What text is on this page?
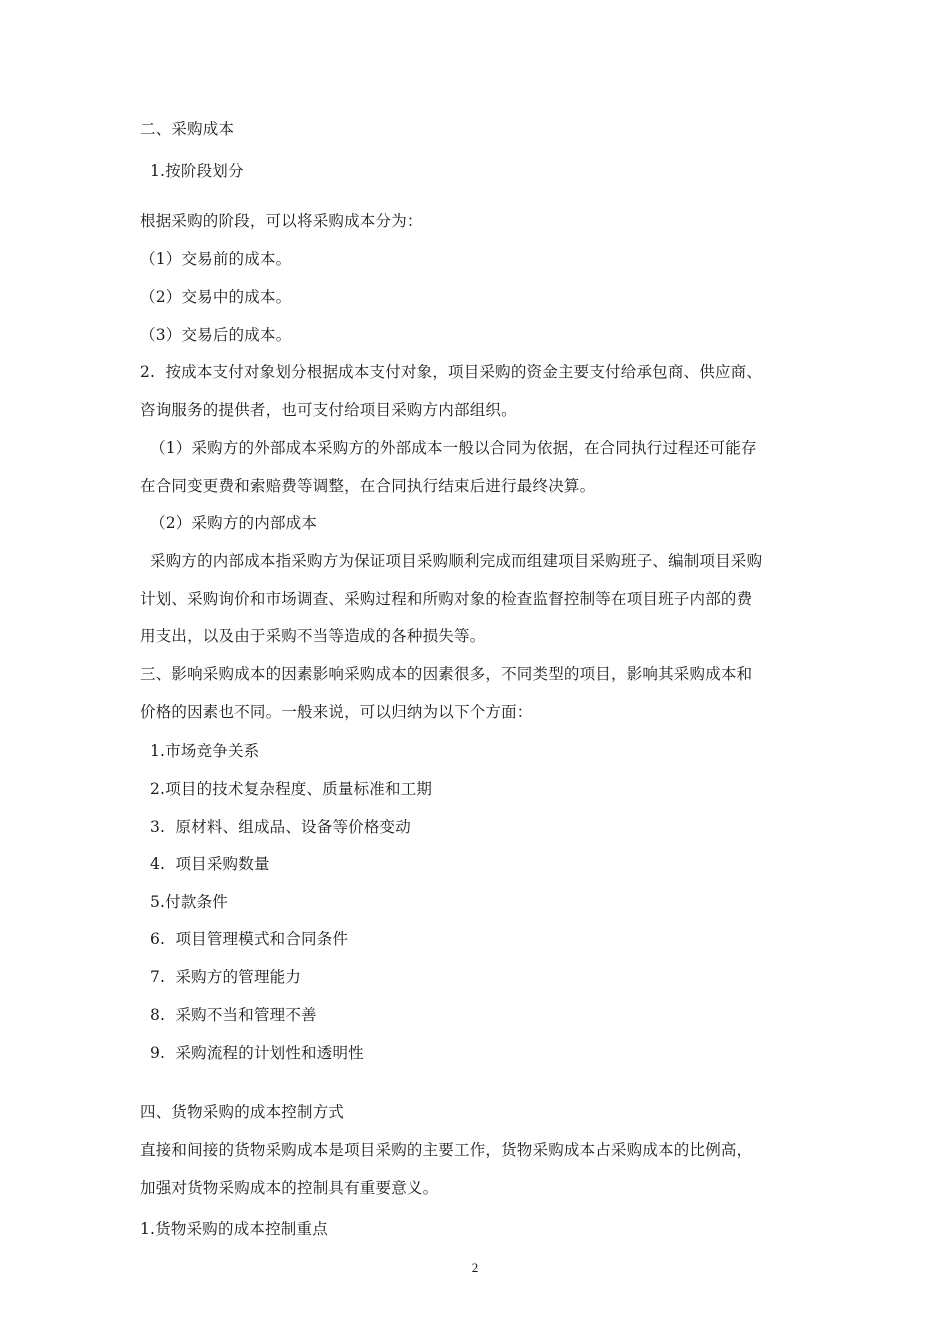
二、采购成本
1.按阶段划分
根据采购的阶段，可以将采购成本分为：
（1）交易前的成本。
（2）交易中的成本。
（3）交易后的成本。
2.  按成本支付对象划分根据成本支付对象，项目采购的资金主要支付给承包商、供应商、
咨询服务的提供者，也可支付给项目采购方内部组织。
（1）采购方的外部成本采购方的外部成本一般以合同为依据，在合同执行过程还可能存
在合同变更费和索赔费等调整，在合同执行结束后进行最终决算。
（2）采购方的内部成本
采购方的内部成本指采购方为保证项目采购顺利完成而组建项目采购班子、编制项目采购
计划、采购询价和市场调查、采购过程和所购对象的检查监督控制等在项目班子内部的费
用支出，以及由于采购不当等造成的各种损失等。
三、影响采购成本的因素影响采购成本的因素很多，不同类型的项目，影响其采购成本和
价格的因素也不同。一般来说，可以归纳为以下个方面：
1.市场竞争关系
2.项目的技术复杂程度、质量标准和工期
3.  原材料、组成品、设备等价格变动
4.  项目采购数量
5.付款条件
6.  项目管理模式和合同条件
7.  采购方的管理能力
8.  采购不当和管理不善
9.  采购流程的计划性和透明性
四、货物采购的成本控制方式
直接和间接的货物采购成本是项目采购的主要工作，货物采购成本占采购成本的比例高，
加强对货物采购成本的控制具有重要意义。
1.货物采购的成本控制重点
2
